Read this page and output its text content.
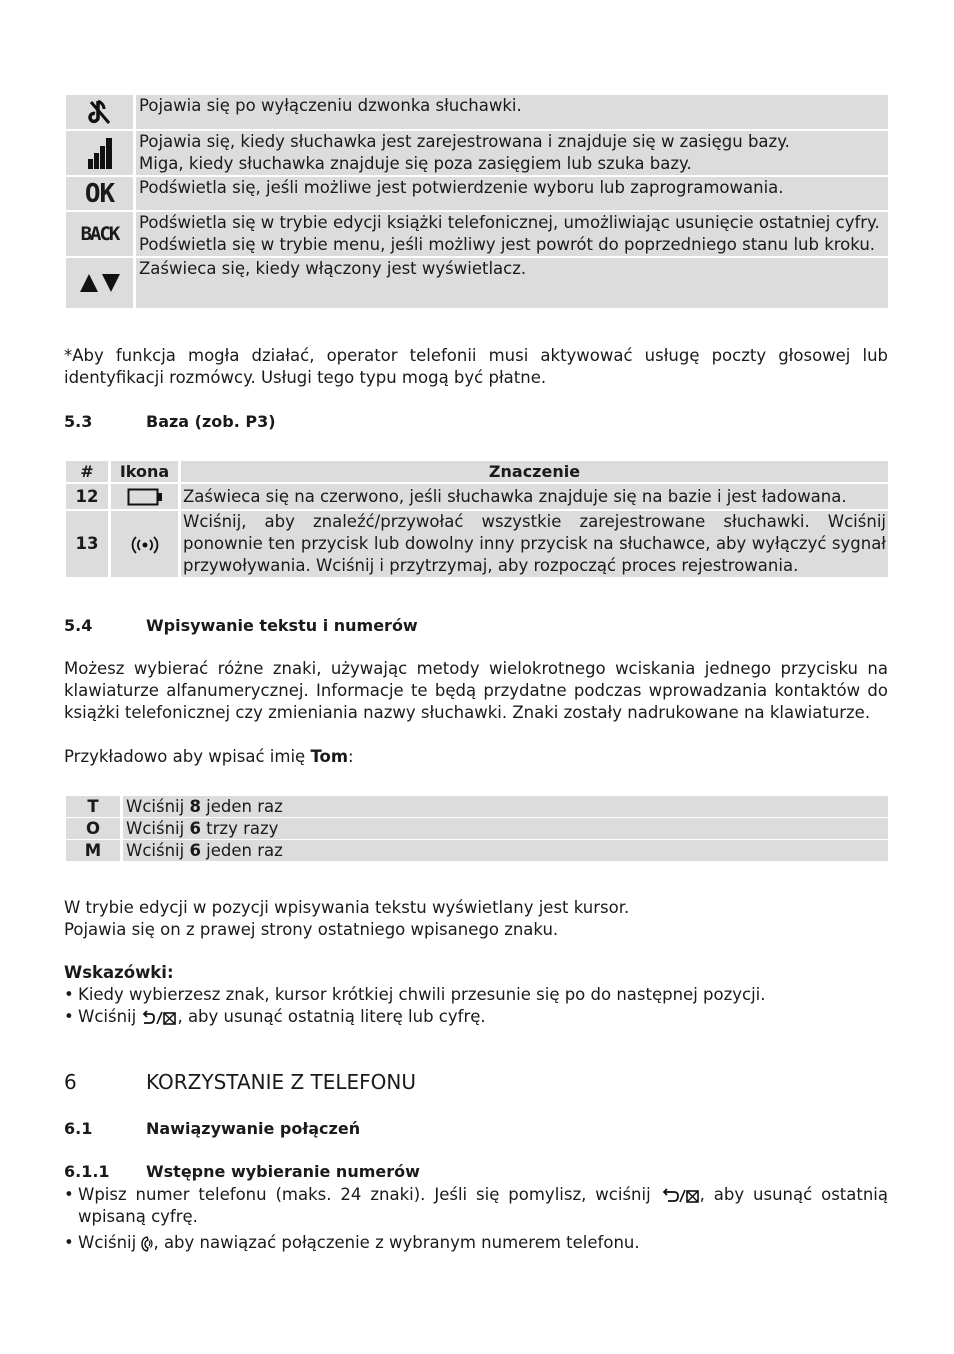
Pojawia się po wyłączeniu dzwonka słuchawki.

Pojawia się, kiedy słuchawka jest zarejestrowana i znajduje się w zasięgu bazy.
Miga, kiedy słuchawka znajduje się poza zasięgiem lub szuka bazy.

OK	Podświetla się, jeśli możliwe jest potwierdzenie wyboru lub zaprogramowania.

BACK	Podświetla się w trybie edycji książki telefonicznej, umożliwiając usunięcie ostatniej cyfry.
Podświetla się w trybie menu, jeśli możliwy jest powrót do poprzedniego stanu lub kroku.

Zaświeca się, kiedy włączony jest wyświetlacz.

*Aby funkcja mogła działać, operator telefonii musi aktywować usługę poczty głosowej lub identyfikacji rozmówcy. Usługi tego typu mogą być płatne.

5.3	Baza (zob. P3)
#	Ikona	Znaczenie
12		Zaświeca się na czerwono, jeśli słuchawka znajduje się na bazie i jest ładowana.
13		Wciśnij, aby znaleźć/przywołać wszystkie zarejestrowane słuchawki. Wciśnij ponownie ten przycisk lub dowolny inny przycisk na słuchawce, aby wyłączyć sygnał przywoływania. Wciśnij i przytrzymaj, aby rozpocząć proces rejestrowania.
5.4	Wpisywanie tekstu i numerów

Możesz wybierać różne znaki, używając metody wielokrotnego wciskania jednego przycisku na klawiaturze alfanumerycznej. Informacje te będą przydatne podczas wprowadzania kontaktów do książki telefonicznej czy zmieniania nazwy słuchawki. Znaki zostały nadrukowane na klawiaturze.

Przykładowo aby wpisać imię Tom:

T	Wciśnij 8 jeden raz
O	Wciśnij 6 trzy razy
M	Wciśnij 6 jeden raz
W trybie edycji w pozycji wpisywania tekstu wyświetlany jest kursor.
Pojawia się on z prawej strony ostatniego wpisanego znaku.
Wskazówki:
• Kiedy wybierzesz znak, kursor krótkiej chwili przesunie się po do następnej pozycji.
• Wciśnij , aby usunąć ostatnią literę lub cyfrę.
6	KORZYSTANIE Z TELEFONU
6.1	Nawiązywanie połączeń
6.1.1 Wstępne wybieranie numerów
• Wpisz numer telefonu (maks. 24 znaki). Jeśli się pomylisz, wciśnij , aby usunąć ostatnią
wpisaną cyfrę.
• Wciśnij , aby nawiązać połączenie z wybranym numerem telefonu.
